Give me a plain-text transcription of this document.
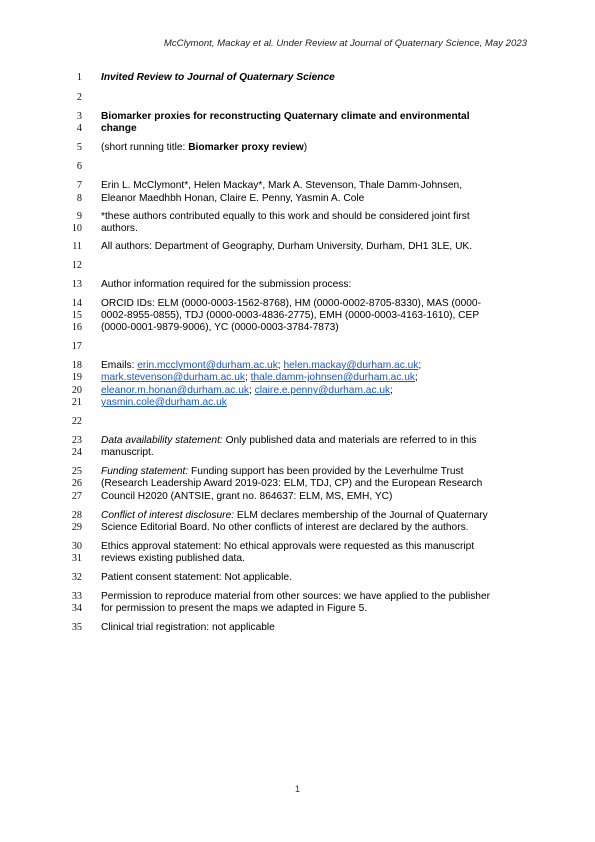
McClymont, Mackay et al. Under Review at Journal of Quaternary Science, May 2023
1 Invited Review to Journal of Quaternary Science
2
3 Biomarker proxies for reconstructing Quaternary climate and environmental
4 change
5 (short running title: Biomarker proxy review)
6
7 Erin L. McClymont*, Helen Mackay*, Mark A. Stevenson, Thale Damm-Johnsen,
8 Eleanor Maedhbh Honan, Claire E. Penny, Yasmin A. Cole
9 *these authors contributed equally to this work and should be considered joint first
10 authors.
11 All authors: Department of Geography, Durham University, Durham, DH1 3LE, UK.
12
13 Author information required for the submission process:
14 ORCID IDs: ELM (0000-0003-1562-8768), HM (0000-0002-8705-8330), MAS (0000-
15 0002-8955-0855), TDJ (0000-0003-4836-2775), EMH (0000-0003-4163-1610), CEP
16 (0000-0001-9879-9006), YC (0000-0003-3784-7873)
17
18 Emails: erin.mcclymont@durham.ac.uk; helen.mackay@durham.ac.uk;
19 mark.stevenson@durham.ac.uk; thale.damm-johnsen@durham.ac.uk;
20 eleanor.m.honan@durham.ac.uk; claire.e.penny@durham.ac.uk;
21 yasmin.cole@durham.ac.uk
22
23 Data availability statement: Only published data and materials are referred to in this
24 manuscript.
25 Funding statement: Funding support has been provided by the Leverhulme Trust
26 (Research Leadership Award 2019-023: ELM, TDJ, CP) and the European Research
27 Council H2020 (ANTSIE, grant no. 864637: ELM, MS, EMH, YC)
28 Conflict of interest disclosure: ELM declares membership of the Journal of Quaternary
29 Science Editorial Board. No other conflicts of interest are declared by the authors.
30 Ethics approval statement: No ethical approvals were requested as this manuscript
31 reviews existing published data.
32 Patient consent statement: Not applicable.
33 Permission to reproduce material from other sources: we have applied to the publisher
34 for permission to present the maps we adapted in Figure 5.
35 Clinical trial registration: not applicable
1
